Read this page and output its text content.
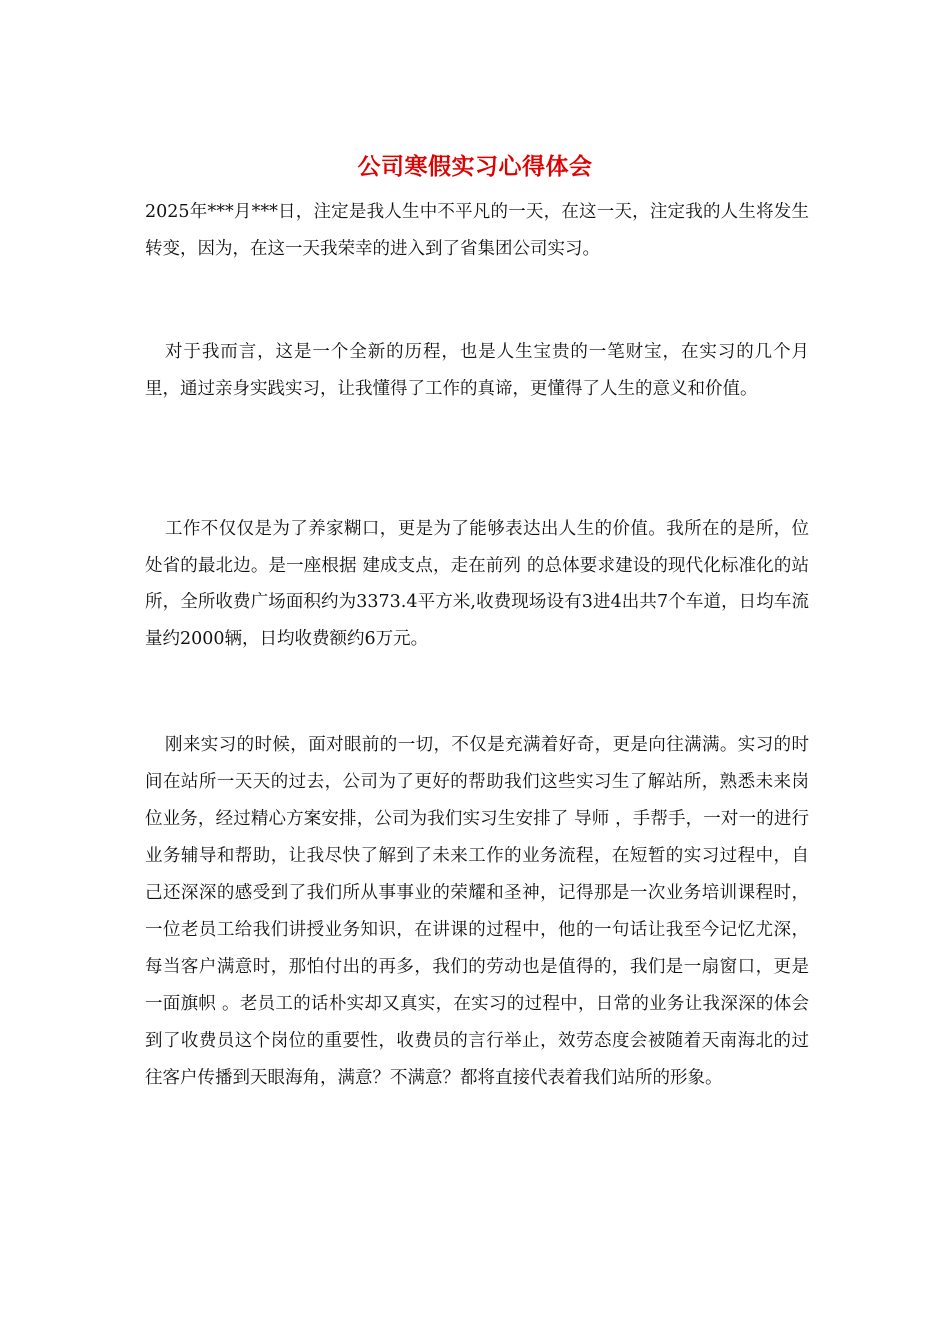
公司寒假实习心得体会

2025年***月***日，注定是我人生中不平凡的一天，在这一天，注定我的人生将发生转变，因为，在这一天我荣幸的进入到了省集团公司实习。

对于我而言，这是一个全新的历程，也是人生宝贵的一笔财宝，在实习的几个月里，通过亲身实践实习，让我懂得了工作的真谛，更懂得了人生的意义和价值。

工作不仅仅是为了养家糊口，更是为了能够表达出人生的价值。我所在的是所，位处省的最北边。是一座根据 建成支点，走在前列 的总体要求建设的现代化标准化的站所，全所收费广场面积约为3373.4平方米,收费现场设有3进4出共7个车道，日均车流量约2000辆，日均收费额约6万元。

刚来实习的时候，面对眼前的一切，不仅是充满着好奇，更是向往满满。实习的时间在站所一天天的过去，公司为了更好的帮助我们这些实习生了解站所，熟悉未来岗位业务，经过精心方案安排，公司为我们实习生安排了 导师 ，手帮手，一对一的进行业务辅导和帮助，让我尽快了解到了未来工作的业务流程，在短暂的实习过程中，自己还深深的感受到了我们所从事事业的荣耀和圣神，记得那是一次业务培训课程时，一位老员工给我们讲授业务知识，在讲课的过程中，他的一句话让我至今记忆尤深， 每当客户满意时，那怕付出的再多，我们的劳动也是值得的，我们是一扇窗口，更是一面旗帜 。老员工的话朴实却又真实，在实习的过程中，日常的业务让我深深的体会到了收费员这个岗位的重要性，收费员的言行举止，效劳态度会被随着天南海北的过往客户传播到天眼海角，满意？不满意？都将直接代表着我们站所的形象。
